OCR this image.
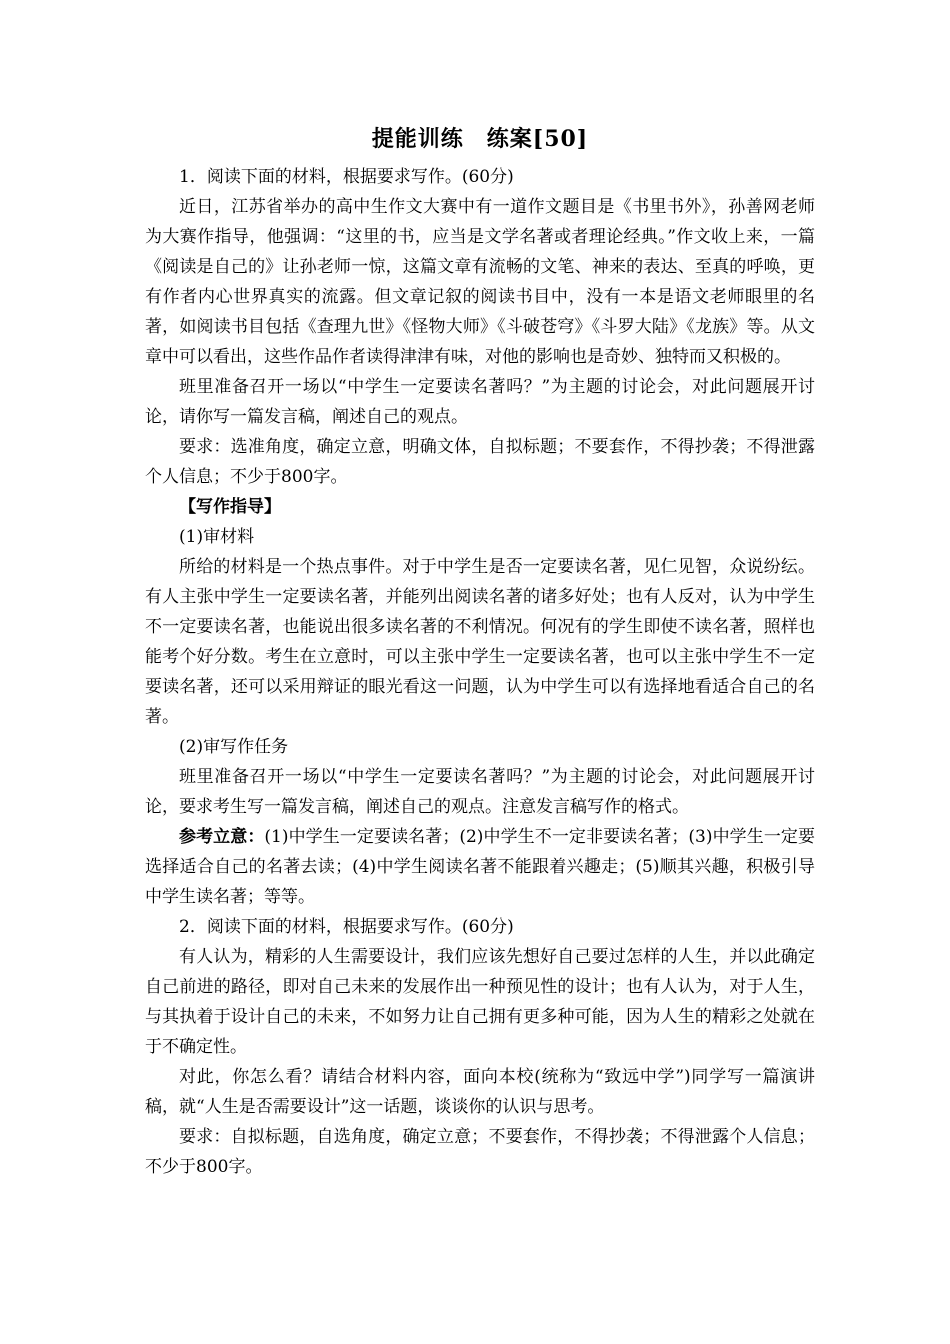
提能训练　练案[50]

1．阅读下面的材料，根据要求写作。(60分)

近日，江苏省举办的高中生作文大赛中有一道作文题目是《书里书外》，孙善网老师为大赛作指导，他强调：“这里的书，应当是文学名著或者理论经典。”作文收上来，一篇《阅读是自己的》让孙老师一惊，这篇文章有流畅的文笔、神来的表达、至真的呼唤，更有作者内心世界真实的流露。但文章记叙的阅读书目中，没有一本是语文老师眼里的名著，如阅读书目包括《查理九世》《怪物大师》《斗破苍穹》《斗罗大陆》《龙族》等。从文章中可以看出，这些作品作者读得津津有味，对他的影响也是奇妙、独特而又积极的。

班里准备召开一场以“中学生一定要读名著吗？”为主题的讨论会，对此问题展开讨论，请你写一篇发言稿，阐述自己的观点。

要求：选准角度，确定立意，明确文体，自拟标题；不要套作，不得抄袭；不得泄露个人信息；不少于800字。

【写作指导】

(1)审材料

所给的材料是一个热点事件。对于中学生是否一定要读名著，见仁见智，众说纷纭。有人主张中学生一定要读名著，并能列出阅读名著的诸多好处；也有人反对，认为中学生不一定要读名著，也能说出很多读名著的不利情况。何况有的学生即使不读名著，照样也能考个好分数。考生在立意时，可以主张中学生一定要读名著，也可以主张中学生不一定要读名著，还可以采用辩证的眼光看这一问题，认为中学生可以有选择地看适合自己的名著。

(2)审写作任务

班里准备召开一场以“中学生一定要读名著吗？”为主题的讨论会，对此问题展开讨论，要求考生写一篇发言稿，阐述自己的观点。注意发言稿写作的格式。

参考立意：(1)中学生一定要读名著；(2)中学生不一定非要读名著；(3)中学生一定要选择适合自己的名著去读；(4)中学生阅读名著不能跟着兴趣走；(5)顺其兴趣，积极引导中学生读名著；等等。

2．阅读下面的材料，根据要求写作。(60分)

有人认为，精彩的人生需要设计，我们应该先想好自己要过怎样的人生，并以此确定自己前进的路径，即对自己未来的发展作出一种预见性的设计；也有人认为，对于人生，与其执着于设计自己的未来，不如努力让自己拥有更多种可能，因为人生的精彩之处就在于不确定性。

对此，你怎么看？请结合材料内容，面向本校(统称为“致远中学”)同学写一篇演讲稿，就“人生是否需要设计”这一话题，谈谈你的认识与思考。

要求：自拟标题，自选角度，确定立意；不要套作，不得抄袭；不得泄露个人信息；不少于800字。
